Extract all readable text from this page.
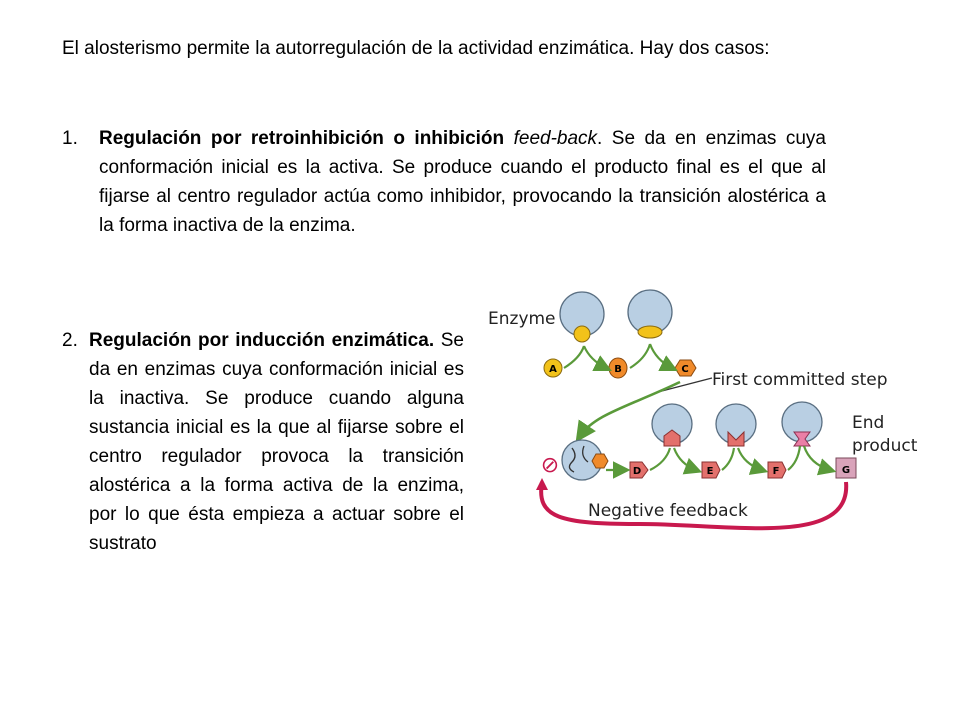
El alosterismo permite la autorregulación de la actividad enzimática. Hay dos casos:

1. Regulación por retroinhibición o inhibición feed-back. Se da en enzimas cuya conformación inicial es la activa. Se produce cuando el producto final es el que al fijarse al centro regulador actúa como inhibidor, provocando la transición alostérica a la forma inactiva de la enzima.
2. Regulación por inducción enzimática. Se da en enzimas cuya conformación inicial es la inactiva. Se produce cuando alguna sustancia inicial es la que al fijarse sobre el centro regulador provoca la transición alostérica a la forma activa de la enzima, por lo que ésta empieza a actuar sobre el sustrato
Enzyme
First committed step
End
product
Negative feedback
A	B	C
⊘	D	E	F	G
